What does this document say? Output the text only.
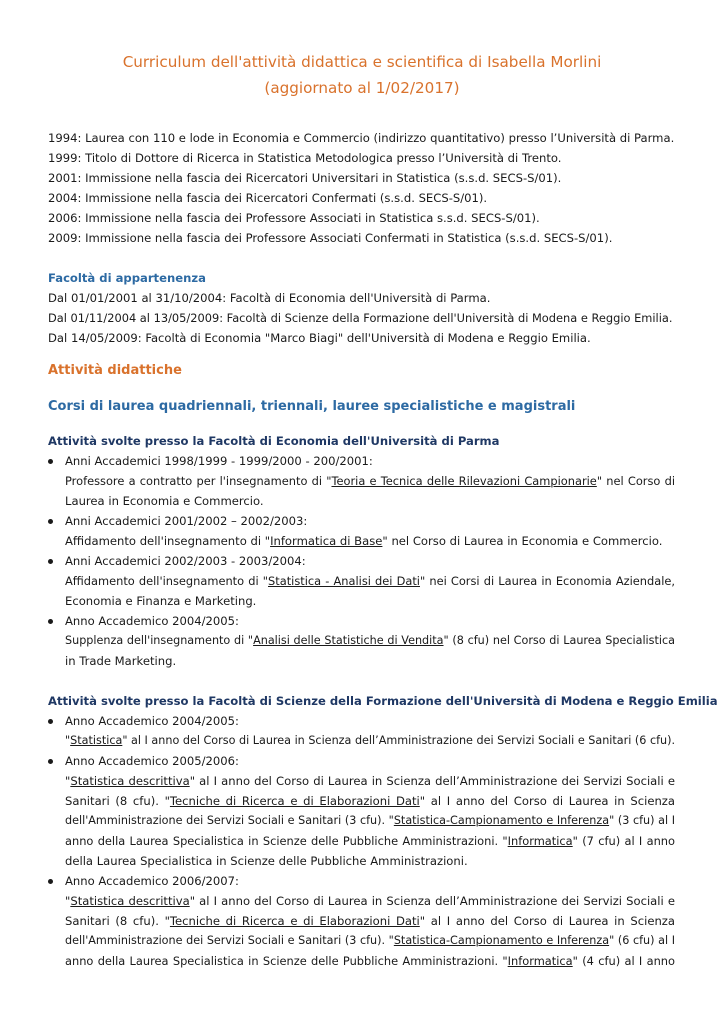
Curriculum dell'attività didattica e scientifica di Isabella Morlini
(aggiornato al 1/02/2017)
1994: Laurea con 110 e lode in Economia e Commercio (indirizzo quantitativo) presso l’Università di Parma.
1999: Titolo di Dottore di Ricerca in Statistica Metodologica presso l’Università di Trento.
2001: Immissione nella fascia dei Ricercatori Universitari in Statistica (s.s.d. SECS-S/01).
2004: Immissione nella fascia dei Ricercatori Confermati (s.s.d. SECS-S/01).
2006: Immissione nella fascia dei Professore Associati in Statistica s.s.d. SECS-S/01).
2009: Immissione nella fascia dei Professore Associati Confermati in Statistica (s.s.d. SECS-S/01).
Facoltà di appartenenza
Dal 01/01/2001 al 31/10/2004: Facoltà di Economia dell'Università di Parma.
Dal 01/11/2004 al 13/05/2009: Facoltà di Scienze della Formazione dell'Università di Modena e Reggio Emilia.
Dal 14/05/2009: Facoltà di Economia "Marco Biagi" dell'Università di Modena e Reggio Emilia.
Attività didattiche
Corsi di laurea quadriennali, triennali, lauree specialistiche e magistrali
Attività svolte presso la Facoltà di Economia dell'Università di Parma
Anni Accademici 1998/1999 - 1999/2000 - 200/2001:
Professore a contratto per l'insegnamento di "Teoria e Tecnica delle Rilevazioni Campionarie" nel Corso di
Laurea in Economia e Commercio.
Anni Accademici 2001/2002 – 2002/2003:
Affidamento dell'insegnamento di "Informatica di Base" nel Corso di Laurea in Economia e Commercio.
Anni Accademici 2002/2003 - 2003/2004:
Affidamento dell'insegnamento di "Statistica - Analisi dei Dati" nei Corsi di Laurea in Economia Aziendale,
Economia e Finanza e Marketing.
Anno Accademico 2004/2005:
Supplenza dell'insegnamento di "Analisi delle Statistiche di Vendita" (8 cfu) nel Corso di Laurea Specialistica
in Trade Marketing.
Attività svolte presso la Facoltà di Scienze della Formazione dell'Università di Modena e Reggio Emilia
Anno Accademico 2004/2005:
"Statistica" al I anno del Corso di Laurea in Scienza dell’Amministrazione dei Servizi Sociali e Sanitari (6 cfu).
Anno Accademico 2005/2006:
"Statistica descrittiva" al I anno del Corso di Laurea in Scienza dell’Amministrazione dei Servizi Sociali e
Sanitari (8 cfu). "Tecniche di Ricerca e di Elaborazioni Dati" al I anno del Corso di Laurea in Scienza
dell'Amministrazione dei Servizi Sociali e Sanitari (3 cfu). "Statistica-Campionamento e Inferenza" (3 cfu) al I
anno della Laurea Specialistica in Scienze delle Pubbliche Amministrazioni. "Informatica" (7 cfu) al I anno
della Laurea Specialistica in Scienze delle Pubbliche Amministrazioni.
Anno Accademico 2006/2007:
"Statistica descrittiva" al I anno del Corso di Laurea in Scienza dell’Amministrazione dei Servizi Sociali e
Sanitari (8 cfu). "Tecniche di Ricerca e di Elaborazioni Dati" al I anno del Corso di Laurea in Scienza
dell'Amministrazione dei Servizi Sociali e Sanitari (3 cfu). "Statistica-Campionamento e Inferenza" (6 cfu) al I
anno della Laurea Specialistica in Scienze delle Pubbliche Amministrazioni. "Informatica" (4 cfu) al I anno
